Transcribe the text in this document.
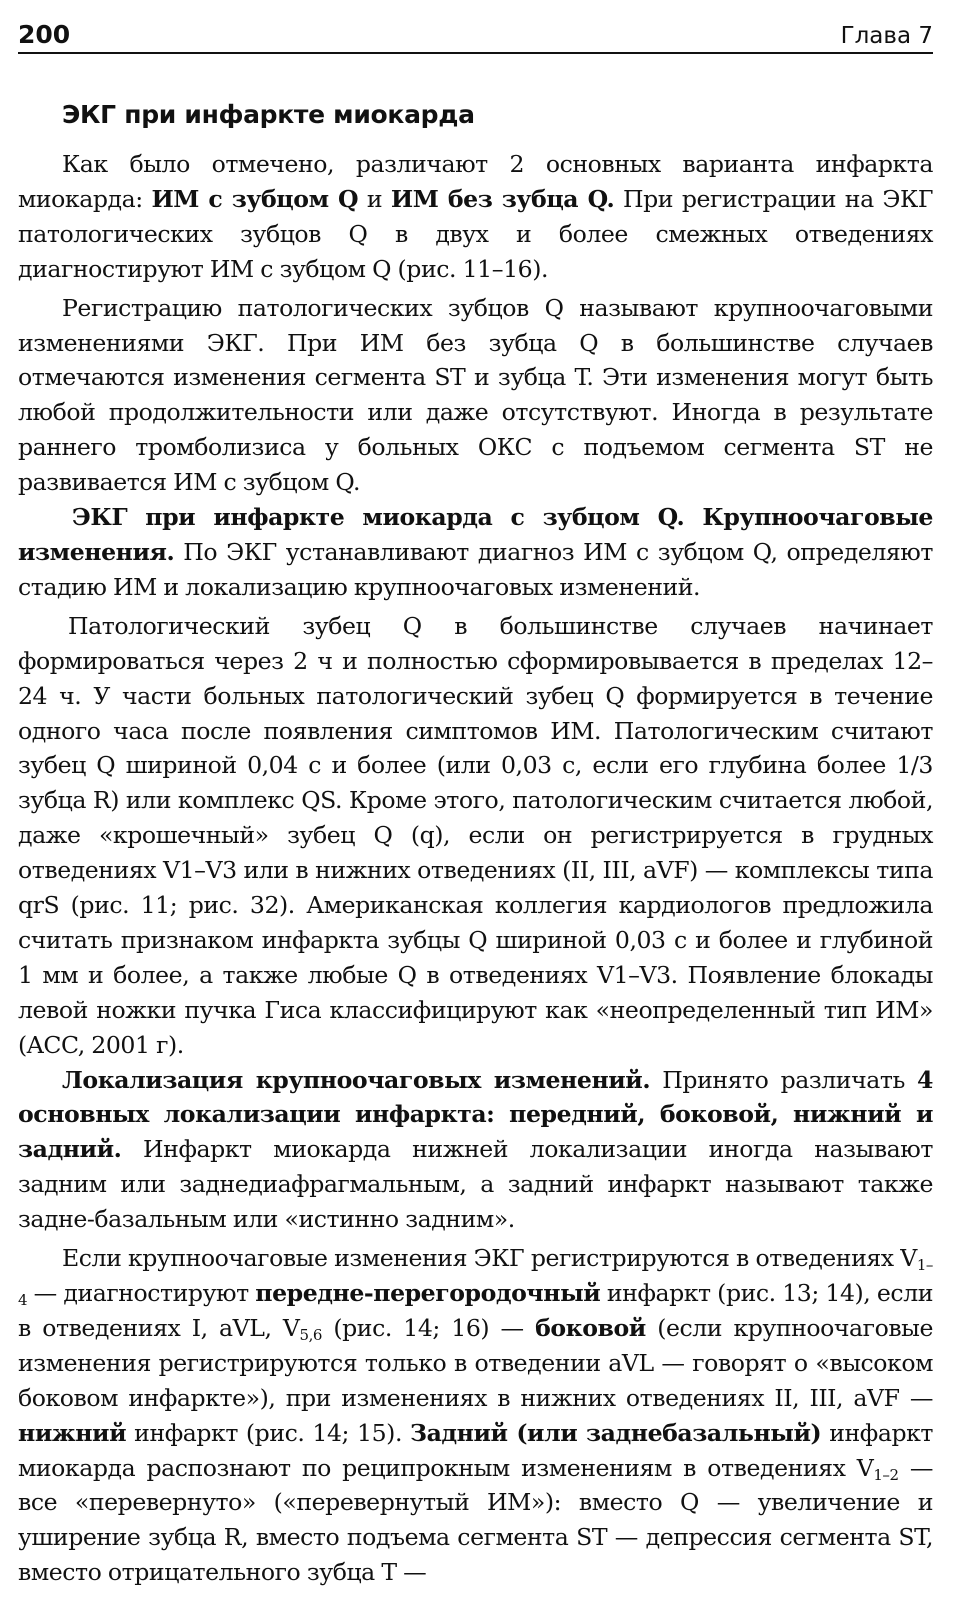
200	Глава 7
ЭКГ при инфаркте миокарда

Как было отмечено, различают 2 основных варианта инфаркта миокарда: ИМ с зубцом Q и ИМ без зубца Q. При регистрации на ЭКГ патологических зубцов Q в двух и более смежных отведениях диагностируют ИМ с зубцом Q (рис. 11–16).

Регистрацию патологических зубцов Q называют крупноочаговыми изменениями ЭКГ. При ИМ без зубца Q в большинстве случаев отмечаются изменения сегмента ST и зубца T. Эти изменения могут быть любой продолжительности или даже отсутствуют. Иногда в результате раннего тромболизиса у больных ОКС с подъемом сегмента ST не развивается ИМ с зубцом Q.

ЭКГ при инфаркте миокарда с зубцом Q. Крупноочаговые изменения. По ЭКГ устанавливают диагноз ИМ с зубцом Q, определяют стадию ИМ и локализацию крупноочаговых изменений.

Патологический зубец Q в большинстве случаев начинает формироваться через 2 ч и полностью сформировывается в пределах 12–24 ч. У части больных патологический зубец Q формируется в течение одного часа после появления симптомов ИМ. Патологическим считают зубец Q шириной 0,04 с и более (или 0,03 с, если его глубина более 1/3 зубца R) или комплекс QS. Кроме этого, патологическим считается любой, даже «крошечный» зубец Q (q), если он регистрируется в грудных отведениях V1–V3 или в нижних отведениях (II, III, aVF) — комплексы типа qrS (рис. 11; рис. 32). Американская коллегия кардиологов предложила считать признаком инфаркта зубцы Q шириной 0,03 с и более и глубиной 1 мм и более, а также любые Q в отведениях V1–V3. Появление блокады левой ножки пучка Гиса классифицируют как «неопределенный тип ИМ» (ACC, 2001 г).

Локализация крупноочаговых изменений. Принято различать 4 основных локализации инфаркта: передний, боковой, нижний и задний. Инфаркт миокарда нижней локализации иногда называют задним или заднедиафрагмальным, а задний инфаркт называют также задне-базальным или «истинно задним».

Если крупноочаговые изменения ЭКГ регистрируются в отведениях $V_{1-4}$ — диагностируют передне-перегородочный инфаркт (рис. 13; 14), если в отведениях I, aVL, $V_{5,6}$ (рис. 14; 16) — боковой (если крупноочаговые изменения регистрируются только в отведении aVL — говорят о «высоком боковом инфаркте»), при изменениях в нижних отведениях II, III, aVF — нижний инфаркт (рис. 14; 15). Задний (или заднебазальный) инфаркт миокарда распознают по реципрокным изменениям в отведениях $V_{1-2}$ — все «перевернуто» («перевернутый ИМ»): вместо Q — увеличение и уширение зубца R, вместо подъема сегмента ST — депрессия сегмента ST, вместо отрицательного зубца T —
